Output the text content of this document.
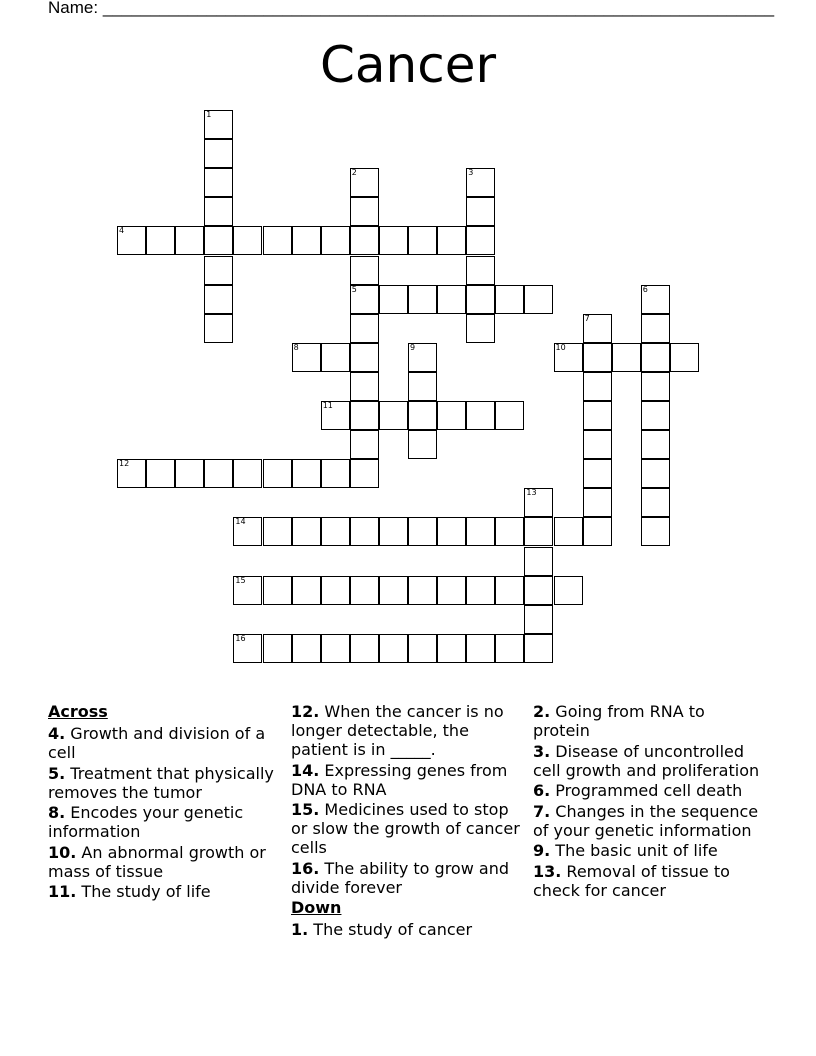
Name: _______________________________________________________________________
Cancer
1
2
5
3
4
6
7
8	9	10
11
12
13
14
15
16
Across
4. Growth and division of a cell
5. Treatment that physically removes the tumor
8. Encodes your genetic information
10. An abnormal growth or mass of tissue
11. The study of life
12. When the cancer is no longer detectable, the patient is in _____.
14. Expressing genes from DNA to RNA
15. Medicines used to stop or slow the growth of cancer cells
16. The ability to grow and divide forever
Down
1. The study of cancer
2. Going from RNA to protein
3. Disease of uncontrolled cell growth and proliferation
6. Programmed cell death
7. Changes in the sequence of your genetic information
9. The basic unit of life
13. Removal of tissue to check for cancer
